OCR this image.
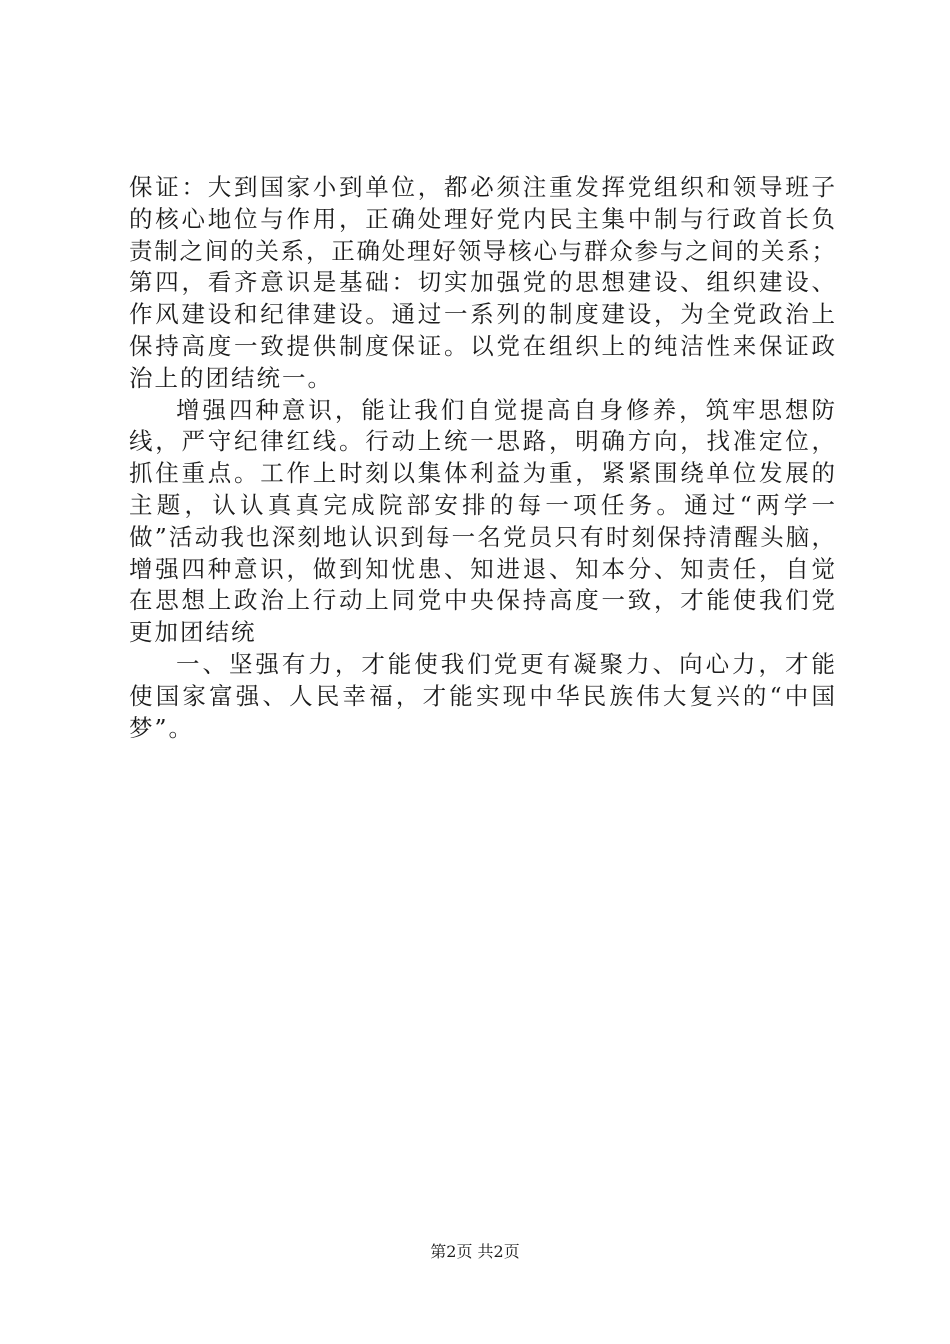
保证：大到国家小到单位，都必须注重发挥党组织和领导班子
的核心地位与作用，正确处理好党内民主集中制与行政首长负
责制之间的关系，正确处理好领导核心与群众参与之间的关系；
第四，看齐意识是基础：切实加强党的思想建设、组织建设、
作风建设和纪律建设。通过一系列的制度建设，为全党政治上
保持高度一致提供制度保证。以党在组织上的纯洁性来保证政
治上的团结统一。
增强四种意识，能让我们自觉提高自身修养，筑牢思想防
线，严守纪律红线。行动上统一思路，明确方向，找准定位，
抓住重点。工作上时刻以集体利益为重，紧紧围绕单位发展的
主题，认认真真完成院部安排的每一项任务。通过“两学一
做”活动我也深刻地认识到每一名党员只有时刻保持清醒头脑，
增强四种意识，做到知忧患、知进退、知本分、知责任，自觉
在思想上政治上行动上同党中央保持高度一致，才能使我们党
更加团结统
一、坚强有力，才能使我们党更有凝聚力、向心力，才能
使国家富强、人民幸福，才能实现中华民族伟大复兴的“中国
梦”。
第2页 共2页
